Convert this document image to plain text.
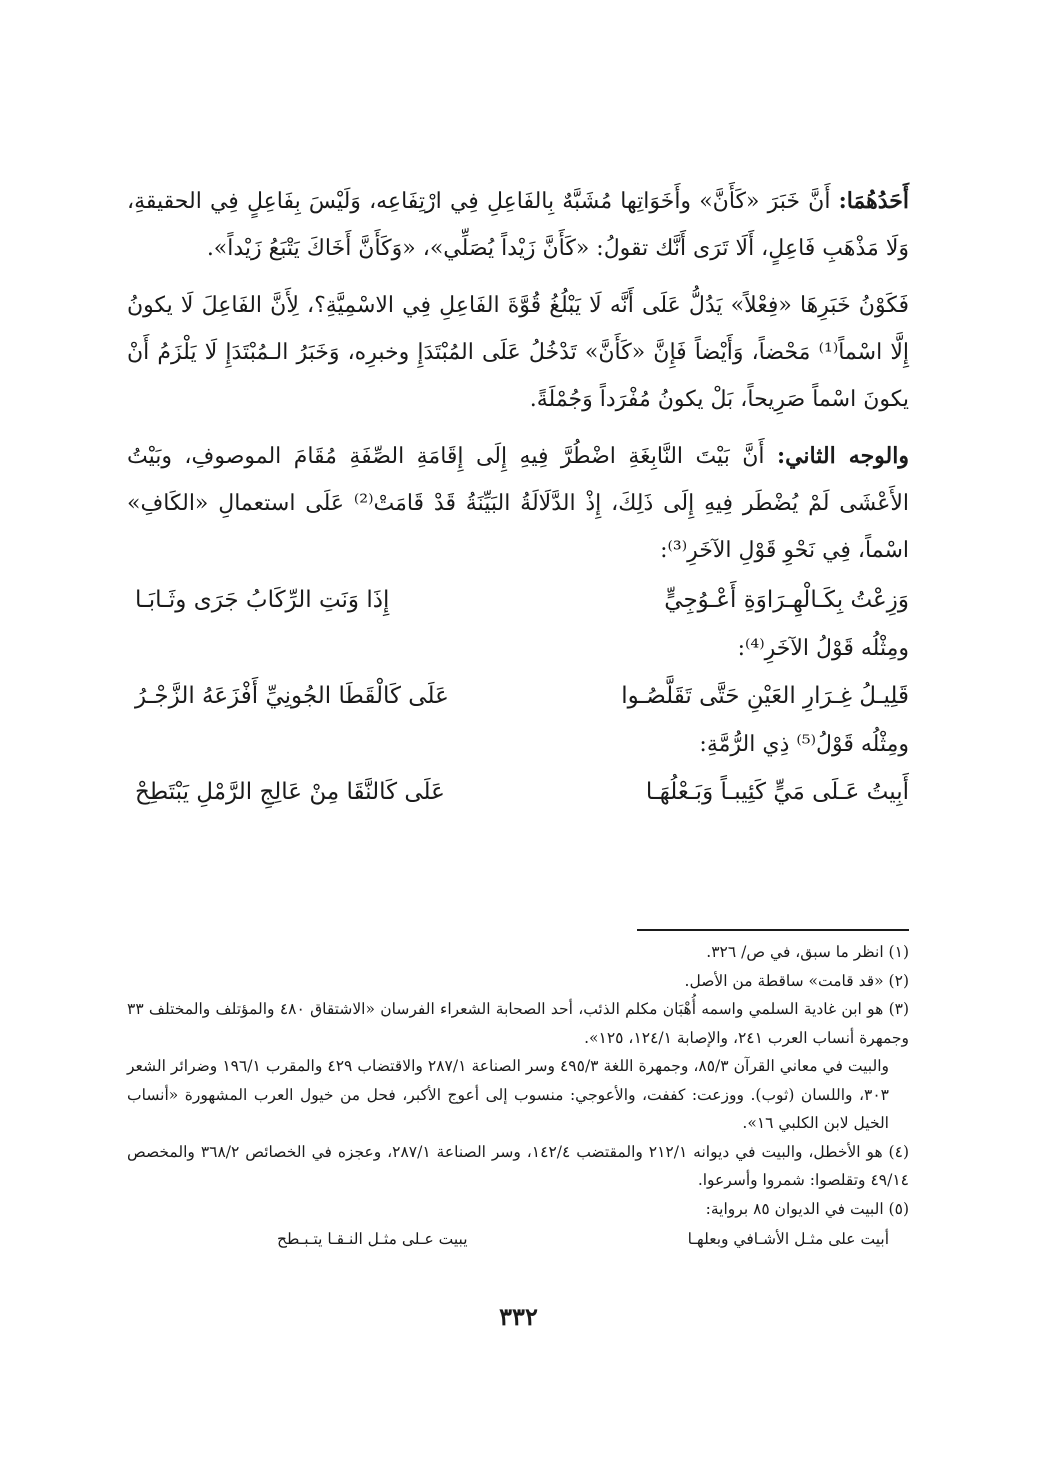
أَحَدُهُمَا: أَنَّ خَبَرَ «كَأَنَّ» وأَخَوَاتِها مُشَبَّهٌ بِالفَاعِلِ فِي ارْتِفَاعِه، وَلَيْسَ بِفَاعِلٍ فِي الحقيقةِ، وَلَا مَذْهَبِ فَاعِلٍ، أَلَا تَرَى أَنَّك تقولُ: «كَأَنَّ زَيْداً يُصَلِّي»، «وَكَأَنَّ أَخَاكَ يَتْبَعُ زَيْداً».

فَكَوْنُ خَبَرِهَا «فِعْلاً» يَدُلُّ عَلَى أَنَّه لَا يَبْلُغُ قُوَّةَ الفَاعِلِ فِي الاسْمِيَّةِ؟، لِأَنَّ الفَاعِلَ لَا يكونُ إِلَّا اسْماً⁽¹⁾ مَحْضاً، وَأَيْضاً فَإِنَّ «كَأَنَّ» تَدْخُلُ عَلَى المُبْتَدَإِ وخبرِه، وَخَبَرُ الـمُبْتَدَإِ لَا يَلْزَمُ أَنْ يكونَ اسْماً صَرِيحاً، بَلْ يكونُ مُفْرَداً وَجُمْلَةً.

والوجه الثاني: أَنَّ بَيْتَ النَّابِغَةِ اضْطُرَّ فِيهِ إِلَى إِقَامَةِ الصِّفَةِ مُقَامَ الموصوفِ، وبَيْتُ الأَعْشَى لَمْ يُضْطَر فِيهِ إِلَى ذَلِكَ، إِذْ الدَّلَالَةُ البَيِّنَةُ قَدْ قَامَتْ⁽²⁾ عَلَى استعمالِ «الكَافِ» اسْماً، فِي نَحْوِ قَوْلِ الآخَرِ⁽³⁾:

وَزِعْتُ بِكَـالْهِـرَاوَةِ أَعْـوُجِيٍّ
إِذَا وَنَتِ الرِّكَابُ جَرَى وثَـابَـا

ومِثْلُه قَوْلُ الآخَرِ⁽⁴⁾:

قَلِيـلُ غِـرَارِ العَيْنِ حَتَّى تَقَلَّصُـوا
عَلَى كَالْقَطَا الجُونِيِّ أَفْزَعَهُ الزَّجْـرُ

ومِثْلُه قَوْلُ⁽⁵⁾ ذِي الرُّمَّةِ:

أَبِيتُ عَـلَى مَيٍّ كَئِيبـاً وَبَـعْلُهَـا
عَلَى كَالنَّقَا مِنْ عَالِجِ الرَّمْلِ يَبْتَطِحْ

(١) انظر ما سبق، في ص/ ٣٢٦.

(٢) «قد قامت» ساقطة من الأصل.

(٣) هو ابن غادية السلمي واسمه أُهْبَان مكلم الذئب، أحد الصحابة الشعراء الفرسان «الاشتقاق ٤٨٠ والمؤتلف والمختلف ٣٣ وجمهرة أنساب العرب ٢٤١، والإصابة ١٢٤/١، ١٢٥».

والبيت في معاني القرآن ٨٥/٣، وجمهرة اللغة ٤٩٥/٣ وسر الصناعة ٢٨٧/١ والاقتضاب ٤٢٩ والمقرب ١٩٦/١ وضرائر الشعر ٣٠٣، واللسان (ثوب). ووزعت: كففت، والأعوجي: منسوب إلى أعوج الأكبر، فحل من خيول العرب المشهورة «أنساب الخيل لابن الكلبي ١٦».

(٤) هو الأخطل، والبيت في ديوانه ٢١٢/١ والمقتضب ١٤٢/٤، وسر الصناعة ٢٨٧/١، وعجزه في الخصائص ٣٦٨/٢ والمخصص ٤٩/١٤ وتقلصوا: شمروا وأسرعوا.

(٥) البيت في الديوان ٨٥ برواية:

أبيت على مثـل الأشـافي وبعلهـا
يبيت عـلى مثـل النـقـا يتـبـطح
٣٣٢
